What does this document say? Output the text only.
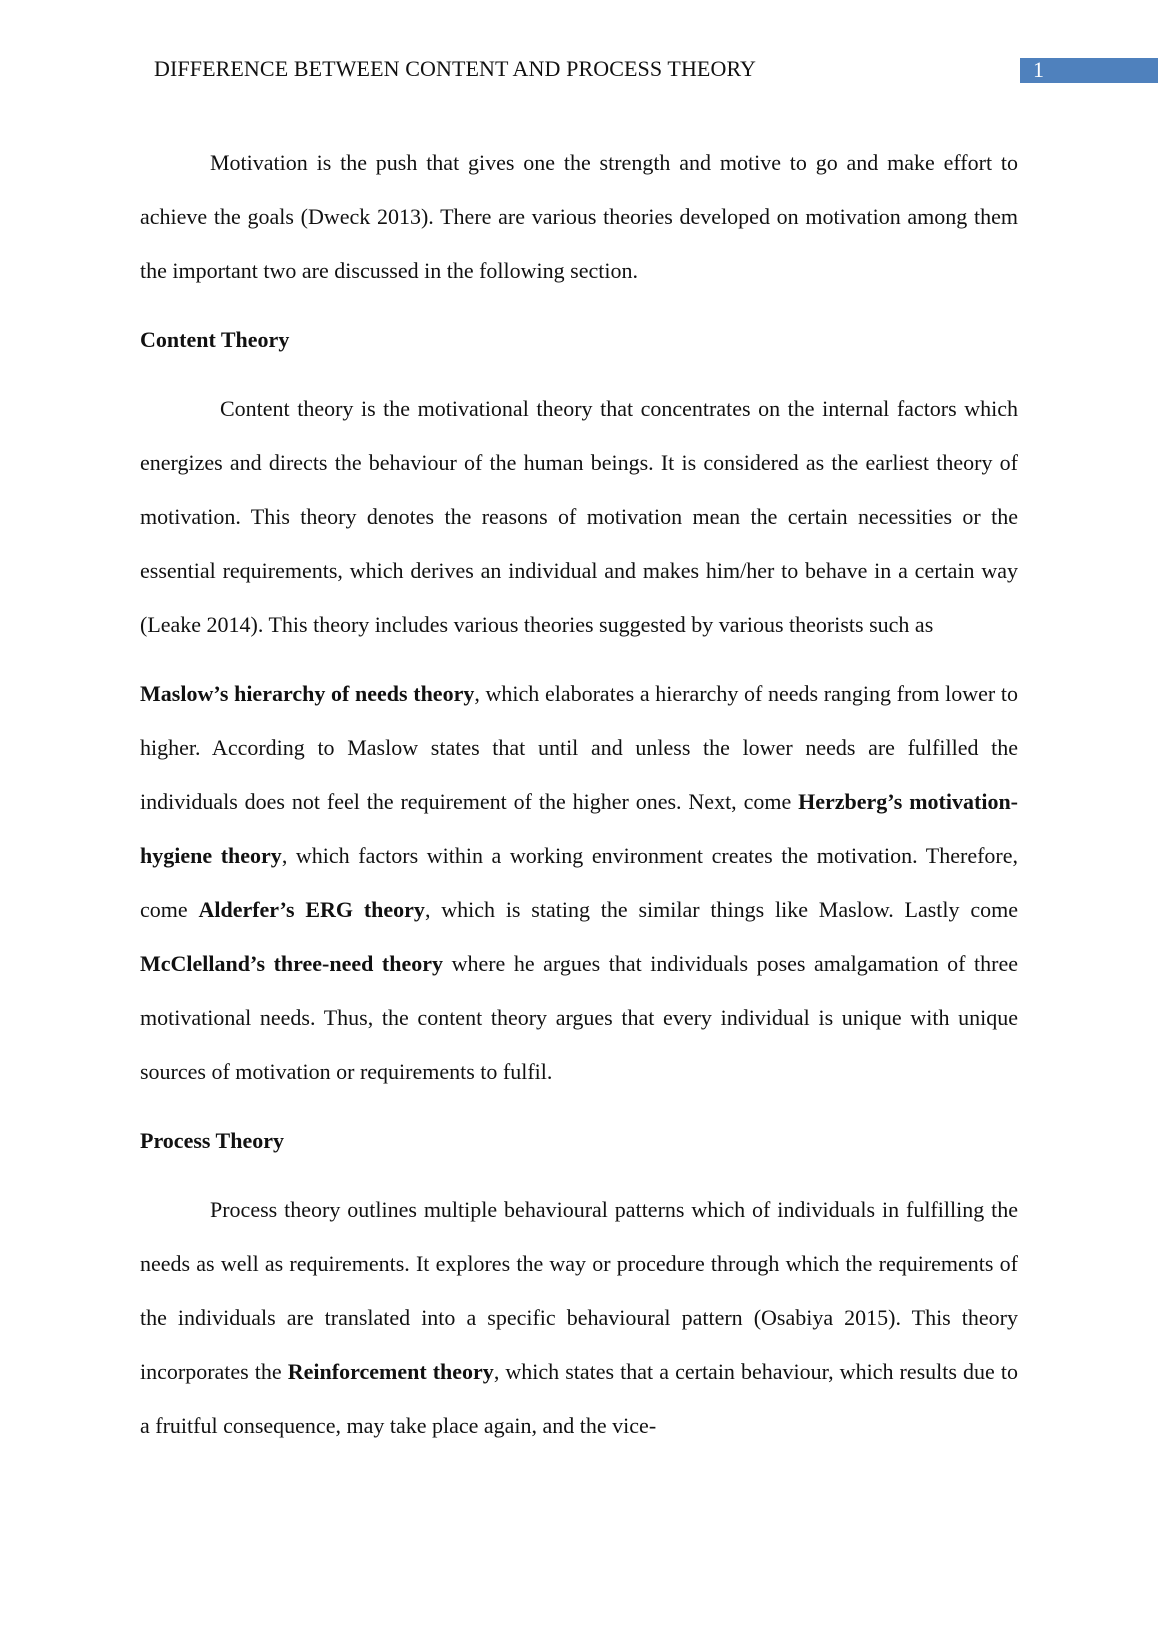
DIFFERENCE BETWEEN CONTENT AND PROCESS THEORY	1

Motivation is the push that gives one the strength and motive to go and make effort to achieve the goals (Dweck 2013). There are various theories developed on motivation among them the important two are discussed in the following section.

Content Theory

Content theory is the motivational theory that concentrates on the internal factors which energizes and directs the behaviour of the human beings. It is considered as the earliest theory of motivation. This theory denotes the reasons of motivation mean the certain necessities or the essential requirements, which derives an individual and makes him/her to behave in a certain way (Leake 2014). This theory includes various theories suggested by various theorists such as

Maslow’s hierarchy of needs theory, which elaborates a hierarchy of needs ranging from lower to higher. According to Maslow states that until and unless the lower needs are fulfilled the individuals does not feel the requirement of the higher ones. Next, come Herzberg’s motivation-hygiene theory, which factors within a working environment creates the motivation. Therefore, come Alderfer’s ERG theory, which is stating the similar things like Maslow. Lastly come McClelland’s three-need theory where he argues that individuals poses amalgamation of three motivational needs. Thus, the content theory argues that every individual is unique with unique sources of motivation or requirements to fulfil.

Process Theory

Process theory outlines multiple behavioural patterns which of individuals in fulfilling the needs as well as requirements. It explores the way or procedure through which the requirements of the individuals are translated into a specific behavioural pattern (Osabiya 2015). This theory incorporates the Reinforcement theory, which states that a certain behaviour, which results due to a fruitful consequence, may take place again, and the vice-
